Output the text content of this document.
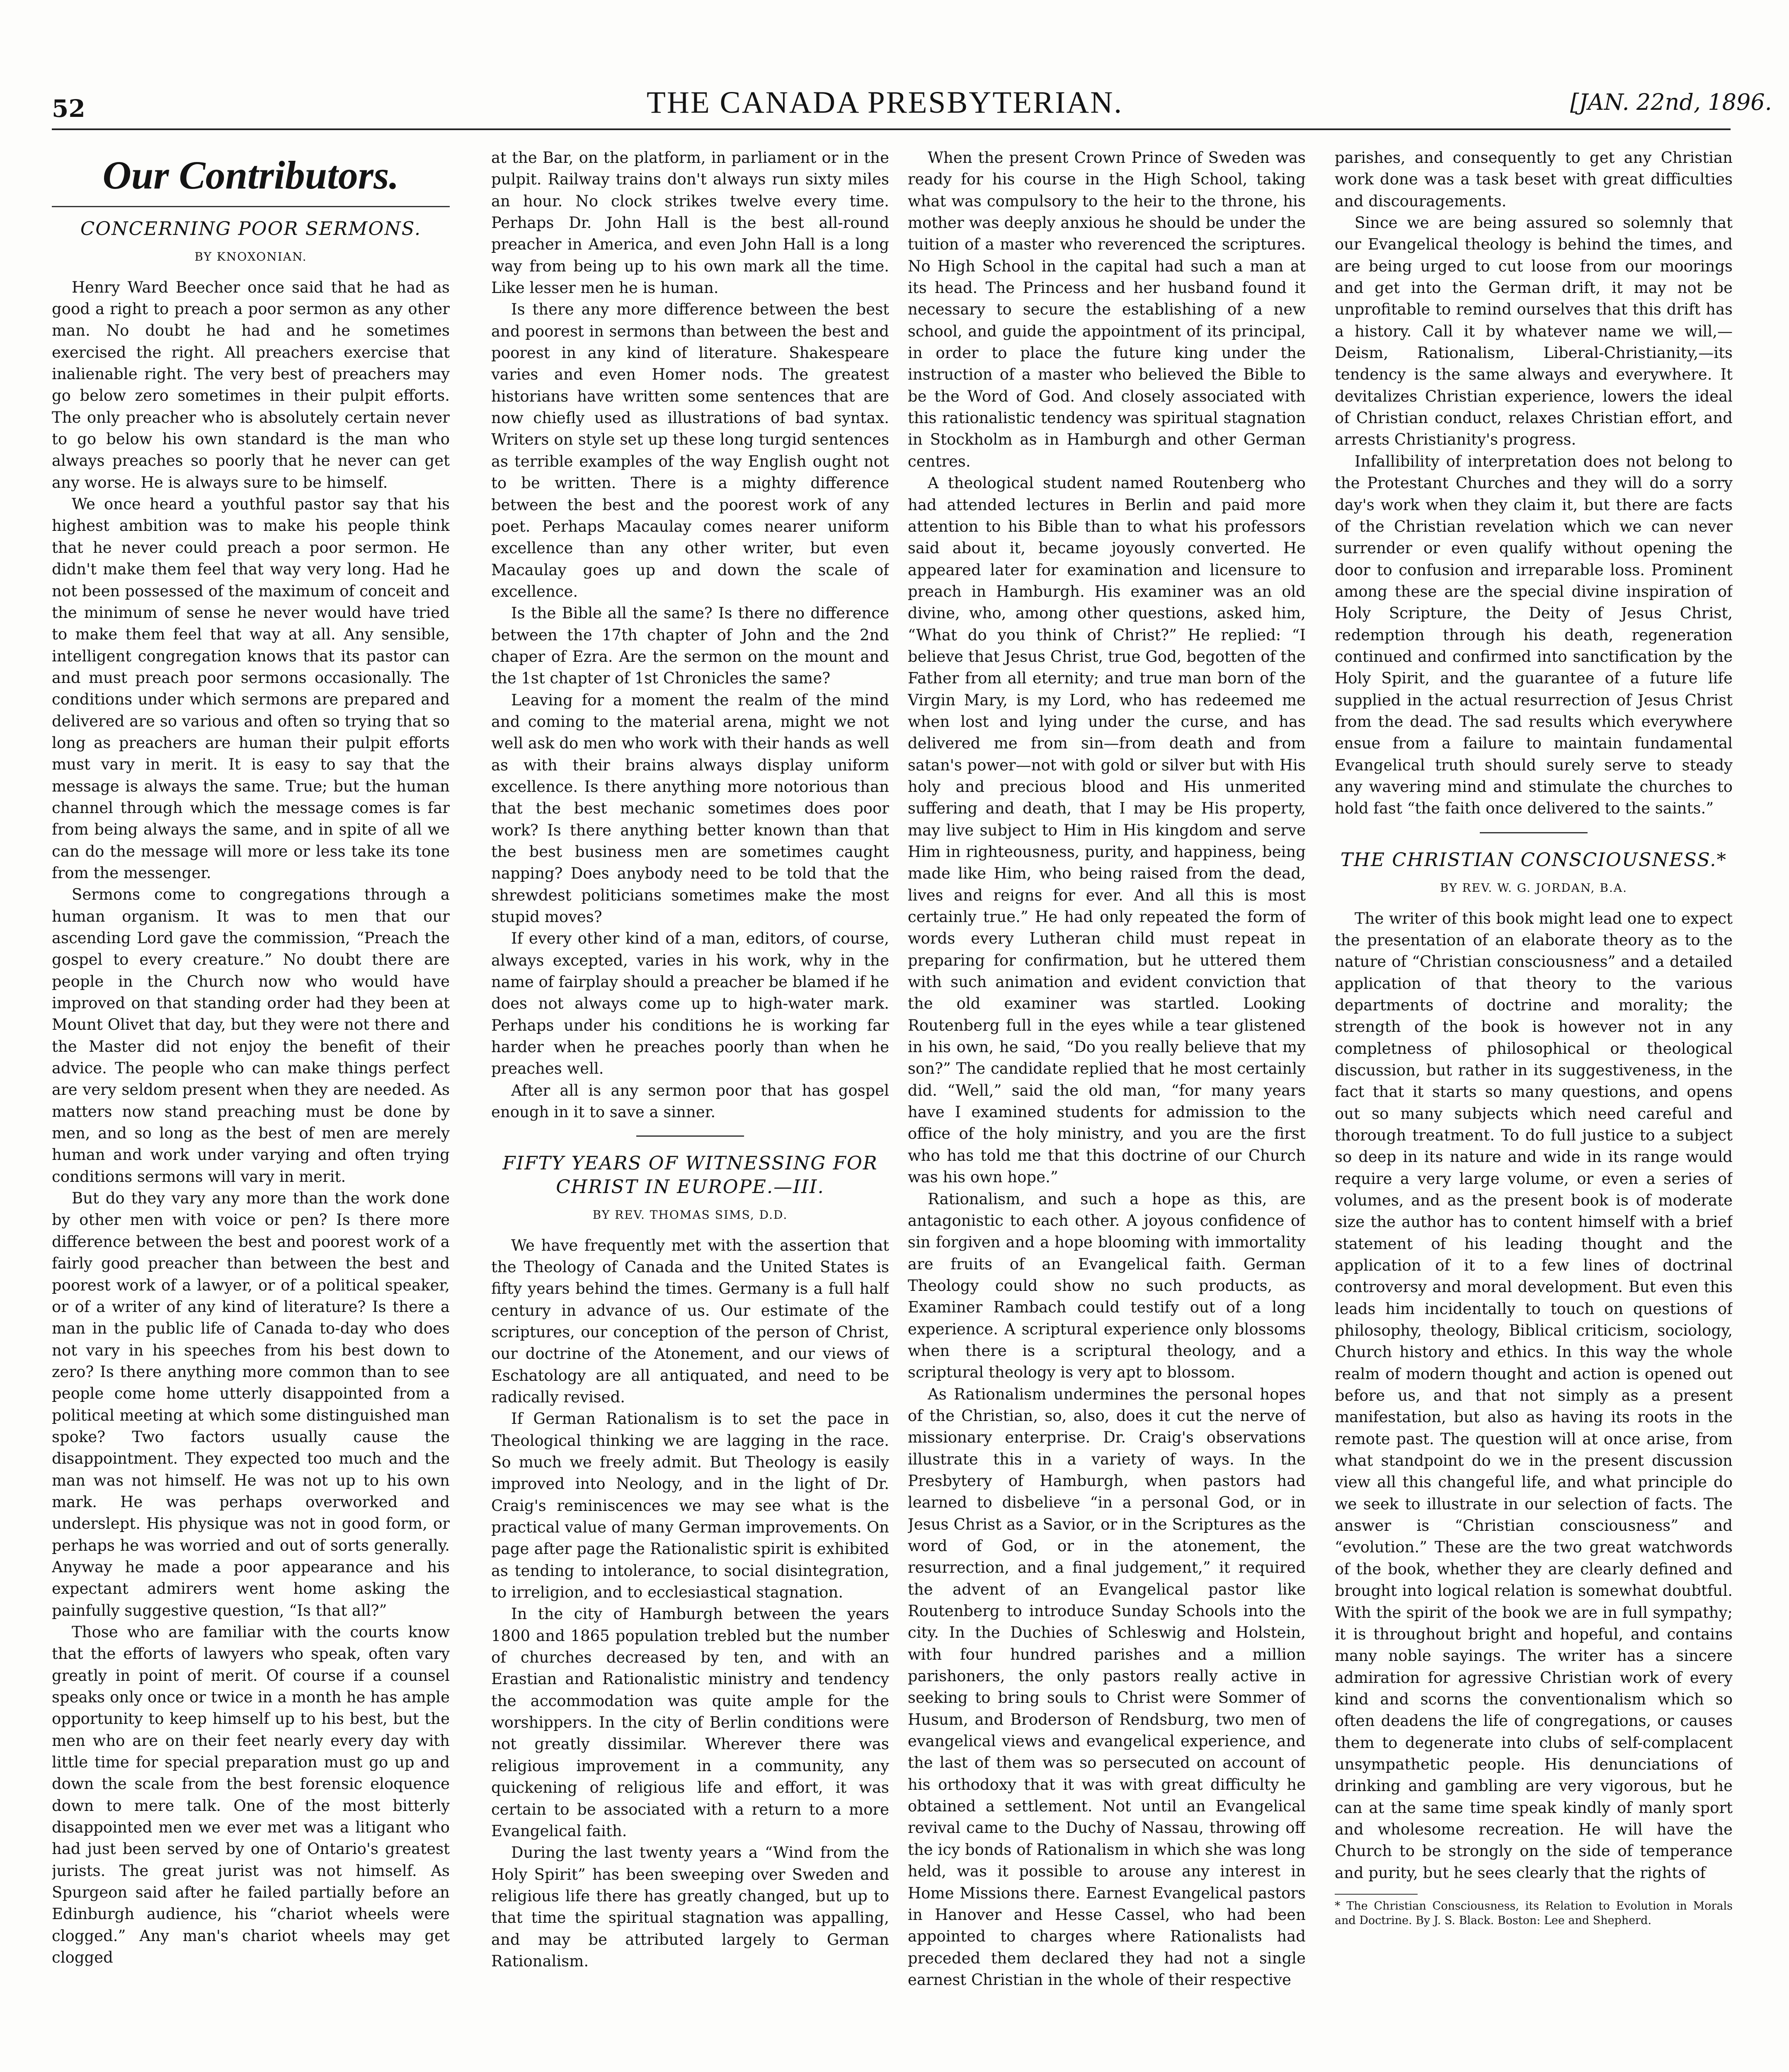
52	THE CANADA PRESBYTERIAN.	[JAN. 22nd, 1896.
Our Contributors.
CONCERNING POOR SERMONS.
BY KNOXONIAN.

Henry Ward Beecher once said that he had as good a right to preach a poor sermon as any other man. No doubt he had and he sometimes exercised the right. All preachers exercise that inalienable right. The very best of preachers may go below zero sometimes in their pulpit efforts. The only preacher who is absolutely certain never to go below his own standard is the man who always preaches so poorly that he never can get any worse. He is always sure to be himself.

We once heard a youthful pastor say that his highest ambition was to make his people think that he never could preach a poor sermon. He didn't make them feel that way very long. Had he not been possessed of the maximum of conceit and the minimum of sense he never would have tried to make them feel that way at all. Any sensible, intelligent congregation knows that its pastor can and must preach poor sermons occasionally. The conditions under which sermons are prepared and delivered are so various and often so trying that so long as preachers are human their pulpit efforts must vary in merit. It is easy to say that the message is always the same. True; but the human channel through which the message comes is far from being always the same, and in spite of all we can do the message will more or less take its tone from the messenger.

Sermons come to congregations through a human organism. It was to men that our ascending Lord gave the commission, “Preach the gospel to every creature.” No doubt there are people in the Church now who would have improved on that standing order had they been at Mount Olivet that day, but they were not there and the Master did not enjoy the benefit of their advice. The people who can make things perfect are very seldom present when they are needed. As matters now stand preaching must be done by men, and so long as the best of men are merely human and work under varying and often trying conditions sermons will vary in merit.

But do they vary any more than the work done by other men with voice or pen? Is there more difference between the best and poorest work of a fairly good preacher than between the best and poorest work of a lawyer, or of a political speaker, or of a writer of any kind of literature? Is there a man in the public life of Canada to-day who does not vary in his speeches from his best down to zero? Is there anything more common than to see people come home utterly disappointed from a political meeting at which some distinguished man spoke? Two factors usually cause the disappointment. They expected too much and the man was not himself. He was not up to his own mark. He was perhaps overworked and underslept. His physique was not in good form, or perhaps he was worried and out of sorts generally. Anyway he made a poor appearance and his expectant admirers went home asking the painfully suggestive question, “Is that all?”

Those who are familiar with the courts know that the efforts of lawyers who speak, often vary greatly in point of merit. Of course if a counsel speaks only once or twice in a month he has ample opportunity to keep himself up to his best, but the men who are on their feet nearly every day with little time for special preparation must go up and down the scale from the best forensic eloquence down to mere talk. One of the most bitterly disappointed men we ever met was a litigant who had just been served by one of Ontario's greatest jurists. The great jurist was not himself. As Spurgeon said after he failed partially before an Edinburgh audience, his “chariot wheels were clogged.” Any man's chariot wheels may get clogged

at the Bar, on the platform, in parliament or in the pulpit. Railway trains don't always run sixty miles an hour. No clock strikes twelve every time. Perhaps Dr. John Hall is the best all-round preacher in America, and even John Hall is a long way from being up to his own mark all the time. Like lesser men he is human.

Is there any more difference between the best and poorest in sermons than between the best and poorest in any kind of literature. Shakespeare varies and even Homer nods. The greatest historians have written some sentences that are now chiefly used as illustrations of bad syntax. Writers on style set up these long turgid sentences as terrible examples of the way English ought not to be written. There is a mighty difference between the best and the poorest work of any poet. Perhaps Macaulay comes nearer uniform excellence than any other writer, but even Macaulay goes up and down the scale of excellence.

Is the Bible all the same? Is there no difference between the 17th chapter of John and the 2nd chaper of Ezra. Are the sermon on the mount and the 1st chapter of 1st Chronicles the same?

Leaving for a moment the realm of the mind and coming to the material arena, might we not well ask do men who work with their hands as well as with their brains always display uniform excellence. Is there anything more notorious than that the best mechanic sometimes does poor work? Is there anything better known than that the best business men are sometimes caught napping? Does anybody need to be told that the shrewdest politicians sometimes make the most stupid moves?

If every other kind of a man, editors, of course, always excepted, varies in his work, why in the name of fairplay should a preacher be blamed if he does not always come up to high-water mark. Perhaps under his conditions he is working far harder when he preaches poorly than when he preaches well.

After all is any sermon poor that has gospel enough in it to save a sinner.

FIFTY YEARS OF WITNESSING FOR CHRIST IN EUROPE.—III.
BY REV. THOMAS SIMS, D.D.

We have frequently met with the assertion that the Theology of Canada and the United States is fifty years behind the times. Germany is a full half century in advance of us. Our estimate of the scriptures, our conception of the person of Christ, our doctrine of the Atonement, and our views of Eschatology are all antiquated, and need to be radically revised.

If German Rationalism is to set the pace in Theological thinking we are lagging in the race. So much we freely admit. But Theology is easily improved into Neology, and in the light of Dr. Craig's reminiscences we may see what is the practical value of many German improvements. On page after page the Rationalistic spirit is exhibited as tending to intolerance, to social disintegration, to irreligion, and to ecclesiastical stagnation.

In the city of Hamburgh between the years 1800 and 1865 population trebled but the number of churches decreased by ten, and with an Erastian and Rationalistic ministry and tendency the accommodation was quite ample for the worshippers. In the city of Berlin conditions were not greatly dissimilar. Wherever there was religious improvement in a community, any quickening of religious life and effort, it was certain to be associated with a return to a more Evangelical faith.

During the last twenty years a “Wind from the Holy Spirit” has been sweeping over Sweden and religious life there has greatly changed, but up to that time the spiritual stagnation was appalling, and may be attributed largely to German Rationalism.

When the present Crown Prince of Sweden was ready for his course in the High School, taking what was compulsory to the heir to the throne, his mother was deeply anxious he should be under the tuition of a master who reverenced the scriptures. No High School in the capital had such a man at its head. The Princess and her husband found it necessary to secure the establishing of a new school, and guide the appointment of its principal, in order to place the future king under the instruction of a master who believed the Bible to be the Word of God. And closely associated with this rationalistic tendency was spiritual stagnation in Stockholm as in Hamburgh and other German centres.

A theological student named Routenberg who had attended lectures in Berlin and paid more attention to his Bible than to what his professors said about it, became joyously converted. He appeared later for examination and licensure to preach in Hamburgh. His examiner was an old divine, who, among other questions, asked him, “What do you think of Christ?” He replied: “I believe that Jesus Christ, true God, begotten of the Father from all eternity; and true man born of the Virgin Mary, is my Lord, who has redeemed me when lost and lying under the curse, and has delivered me from sin—from death and from satan's power—not with gold or silver but with His holy and precious blood and His unmerited suffering and death, that I may be His property, may live subject to Him in His kingdom and serve Him in righteousness, purity, and happiness, being made like Him, who being raised from the dead, lives and reigns for ever. And all this is most certainly true.” He had only repeated the form of words every Lutheran child must repeat in preparing for confirmation, but he uttered them with such animation and evident conviction that the old examiner was startled. Looking Routenberg full in the eyes while a tear glistened in his own, he said, “Do you really believe that my son?” The candidate replied that he most certainly did. “Well,” said the old man, “for many years have I examined students for admission to the office of the holy ministry, and you are the first who has told me that this doctrine of our Church was his own hope.”

Rationalism, and such a hope as this, are antagonistic to each other. A joyous confidence of sin forgiven and a hope blooming with immortality are fruits of an Evangelical faith. German Theology could show no such products, as Examiner Rambach could testify out of a long experience. A scriptural experience only blossoms when there is a scriptural theology, and a scriptural theology is very apt to blossom.

As Rationalism undermines the personal hopes of the Christian, so, also, does it cut the nerve of missionary enterprise. Dr. Craig's observations illustrate this in a variety of ways. In the Presbytery of Hamburgh, when pastors had learned to disbelieve “in a personal God, or in Jesus Christ as a Savior, or in the Scriptures as the word of God, or in the atonement, the resurrection, and a final judgement,” it required the advent of an Evangelical pastor like Routenberg to introduce Sunday Schools into the city. In the Duchies of Schleswig and Holstein, with four hundred parishes and a million parishoners, the only pastors really active in seeking to bring souls to Christ were Sommer of Husum, and Broderson of Rendsburg, two men of evangelical views and evangelical experience, and the last of them was so persecuted on account of his orthodoxy that it was with great difficulty he obtained a settlement. Not until an Evangelical revival came to the Duchy of Nassau, throwing off the icy bonds of Rationalism in which she was long held, was it possible to arouse any interest in Home Missions there. Earnest Evangelical pastors in Hanover and Hesse Cassel, who had been appointed to charges where Rationalists had preceded them declared they had not a single earnest Christian in the whole of their respective

parishes, and consequently to get any Christian work done was a task beset with great difficulties and discouragements.

Since we are being assured so solemnly that our Evangelical theology is behind the times, and are being urged to cut loose from our moorings and get into the German drift, it may not be unprofitable to remind ourselves that this drift has a history. Call it by whatever name we will,—Deism, Rationalism, Liberal-Christianity,—its tendency is the same always and everywhere. It devitalizes Christian experience, lowers the ideal of Christian conduct, relaxes Christian effort, and arrests Christianity's progress.

Infallibility of interpretation does not belong to the Protestant Churches and they will do a sorry day's work when they claim it, but there are facts of the Christian revelation which we can never surrender or even qualify without opening the door to confusion and irreparable loss. Prominent among these are the special divine inspiration of Holy Scripture, the Deity of Jesus Christ, redemption through his death, regeneration continued and confirmed into sanctification by the Holy Spirit, and the guarantee of a future life supplied in the actual resurrection of Jesus Christ from the dead. The sad results which everywhere ensue from a failure to maintain fundamental Evangelical truth should surely serve to steady any wavering mind and stimulate the churches to hold fast “the faith once delivered to the saints.”

THE CHRISTIAN CONSCIOUSNESS.*
BY REV. W. G. JORDAN, B.A.

The writer of this book might lead one to expect the presentation of an elaborate theory as to the nature of “Christian consciousness” and a detailed application of that theory to the various departments of doctrine and morality; the strength of the book is however not in any completness of philosophical or theological discussion, but rather in its suggestiveness, in the fact that it starts so many questions, and opens out so many subjects which need careful and thorough treatment. To do full justice to a subject so deep in its nature and wide in its range would require a very large volume, or even a series of volumes, and as the present book is of moderate size the author has to content himself with a brief statement of his leading thought and the application of it to a few lines of doctrinal controversy and moral development. But even this leads him incidentally to touch on questions of philosophy, theology, Biblical criticism, sociology, Church history and ethics. In this way the whole realm of modern thought and action is opened out before us, and that not simply as a present manifestation, but also as having its roots in the remote past. The question will at once arise, from what standpoint do we in the present discussion view all this changeful life, and what principle do we seek to illustrate in our selection of facts. The answer is “Christian consciousness” and “evolution.” These are the two great watchwords of the book, whether they are clearly defined and brought into logical relation is somewhat doubtful. With the spirit of the book we are in full sympathy; it is throughout bright and hopeful, and contains many noble sayings. The writer has a sincere admiration for agressive Christian work of every kind and scorns the conventionalism which so often deadens the life of congregations, or causes them to degenerate into clubs of self-complacent unsympathetic people. His denunciations of drinking and gambling are very vigorous, but he can at the same time speak kindly of manly sport and wholesome recreation. He will have the Church to be strongly on the side of temperance and purity, but he sees clearly that the rights of

* The Christian Consciousness, its Relation to Evolution in Morals and Doctrine. By J. S. Black. Boston: Lee and Shepherd.
